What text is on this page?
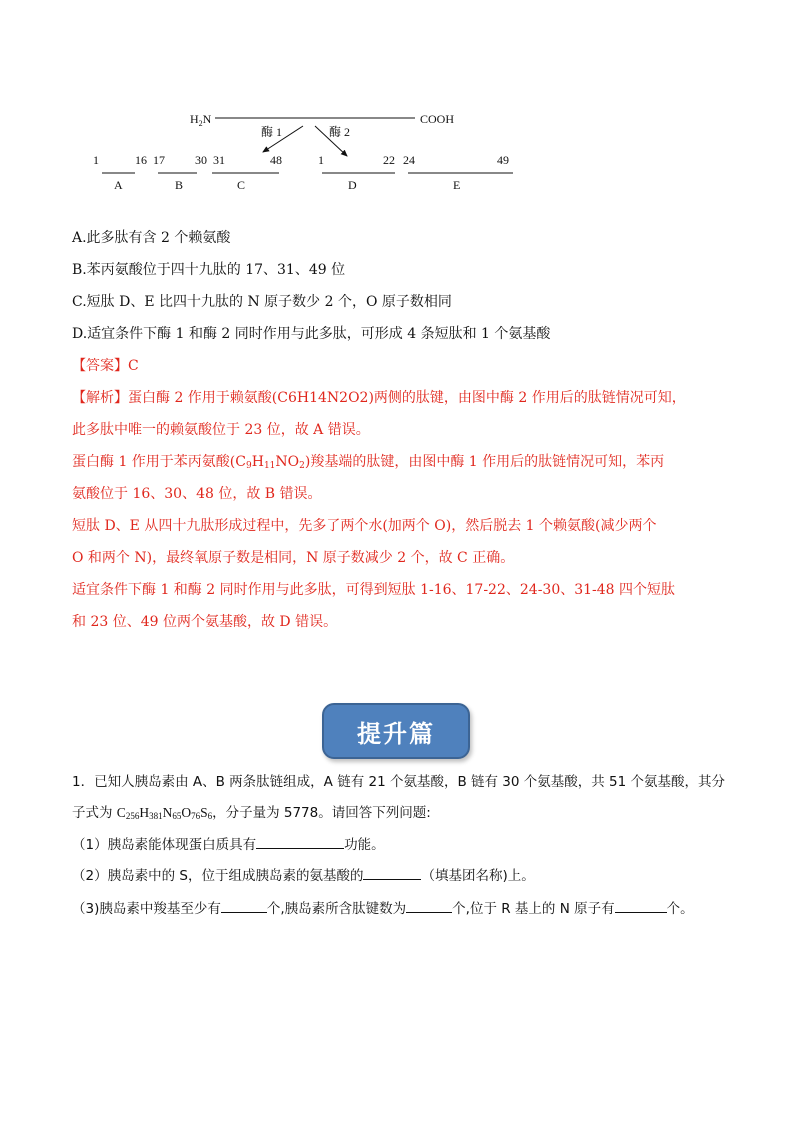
$H_2N$	COOH
酶 1	酶 2
1	16 17	30 31	48	1	22 24	49
A	B	C	D	E
A.此多肽有含 2 个赖氨酸
B.苯丙氨酸位于四十九肽的 17、31、49 位
C.短肽 D、E 比四十九肽的 N 原子数少 2 个，O 原子数相同
D.适宜条件下酶 1 和酶 2 同时作用与此多肽，可形成 4 条短肽和 1 个氨基酸
【答案】C
【解析】蛋白酶 2 作用于赖氨酸(C6H14N2O2)两侧的肽键，由图中酶 2 作用后的肽链情况可知，
此多肽中唯一的赖氨酸位于 23 位，故 A 错误。
蛋白酶 1 作用于苯丙氨酸$(C_9H_{11}NO_2)$羧基端的肽键，由图中酶 1 作用后的肽链情况可知，苯丙
氨酸位于 16、30、48 位，故 B 错误。
短肽 D、E 从四十九肽形成过程中，先多了两个水(加两个 O)，然后脱去 1 个赖氨酸(减少两个
O 和两个 N)，最终氧原子数是相同，N 原子数减少 2 个，故 C 正确。
适宜条件下酶 1 和酶 2 同时作用与此多肽，可得到短肽 1-16、17-22、24-30、31-48 四个短肽
和 23 位、49 位两个氨基酸，故 D 错误。
提升篇
1．已知人胰岛素由 A、B 两条肽链组成，A 链有 21 个氨基酸，B 链有 30 个氨基酸，共 51 个氨基酸，其分
子式为 $C_{256}H_{381}N_{65}O_{76}S_6$，分子量为 5778。请回答下列问题:
（1）胰岛素能体现蛋白质具有	功能。
（2）胰岛素中的 S，位于组成胰岛素的氨基酸的	（填基团名称)上。
（3)胰岛素中羧基至少有	个,胰岛素所含肽键数为	个,位于 R 基上的 N 原子有	个。
